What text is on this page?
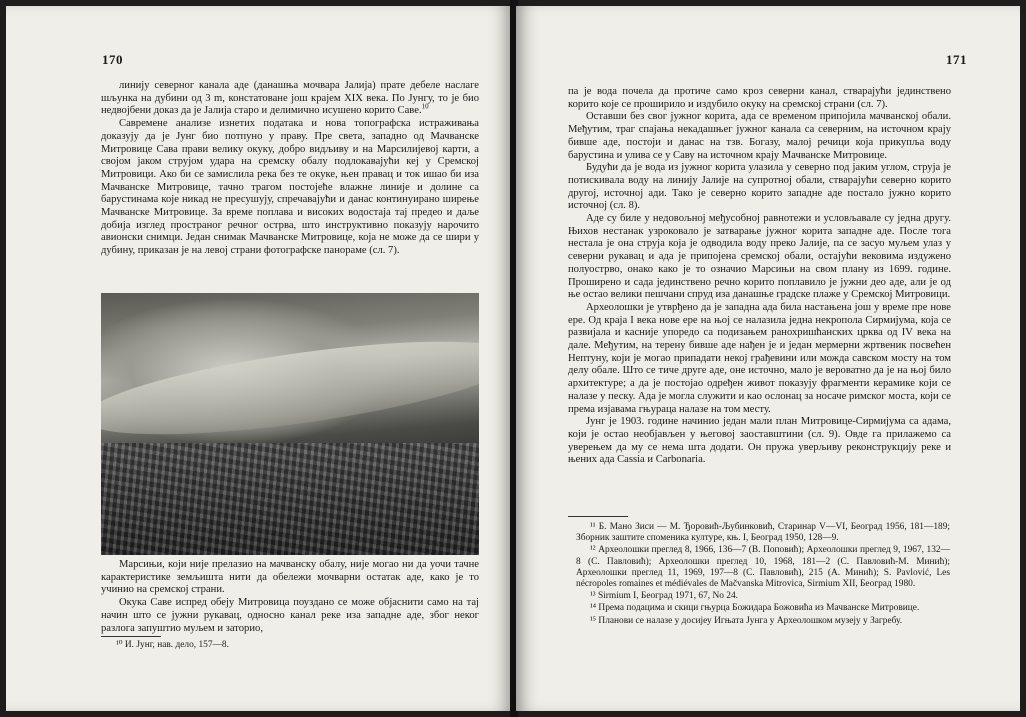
170

линију северног канала аде (данашња мочвара Јалија) прате дебеле наслаге шљунка на дубини од 3 m, констатоване још крајем XIX века. По Јунгу, то је био недвојбени доказ да је Јалија старо и делимично исушено корито Саве.$^{10}$

Савремене анализе изнетих података и нова топографска истраживања доказују да је Јунг био потпуно у праву. Пре света, западно од Мачванске Митровице Сава прави велику окуку, добро видљиву и на Марсилијевој карти, а својом јаком струјом удара на сремску обалу подлокавајући кеј у Сремској Митровици. Ако би се замислила река без те окуке, њен правац и ток ишао би иза Мачванске Митровице, тачно трагом постојеће влажне линије и долине са барустинама које никад не пресушују, спречавајући и данас континуирано ширење Мачванске Митровице. За време поплава и високих водостаја тај предео и даље добија изглед пространог речног острва, што инструктивно показују нарочито авионски снимци. Један снимак Мачванске Митровице, која не може да се шири у дубину, приказан је на левој страни фотографске панораме (сл. 7).

Марсињи, који није прелазио на мачванску обалу, није могао ни да уочи тачне карактеристике земљишта нити да обележи мочварни остатак аде, како је то учинио на сремској страни.

Окука Саве испред обеју Митровица поуздано се може објаснити само на тај начин што се јужни рукавац, односно канал реке иза западне аде, због неког разлога запуштио муљем и заторио,

¹⁰ И. Јунг, нав. дело, 157—8.
171

па је вода почела да протиче само кроз северни канал, стварајући јединствено корито које се проширило и издубило окуку на сремској страни (сл. 7).

Оставши без свог јужног корита, ада се временом припојила мачванској обали. Међутим, траг спајања некадашњег јужног канала са северним, на источном крају бивше аде, постоји и данас на тзв. Богазу, малој речици која прикупља воду барустина и улива се у Саву на источном крају Мачванске Митровице.

Будући да је вода из јужног корита улазила у северно под јаким углом, струја је потискивала воду на линију Јалије на супротној обали, стварајући северно корито другој, источној ади. Тако је северно корито западне аде постало јужно корито источној (сл. 8).

Аде су биле у недовољној међусобној равнотежи и условљавале су једна другу. Њихов нестанак узроковало је затварање јужног корита западне аде. После тога нестала је она струја која је одводила воду преко Јалије, па се засуо муљем улаз у северни рукавац и ада је припојена сремској обали, остајући вековима издужено полуострво, онако како је то означио Марсињи на свом плану из 1699. године. Проширено и сада јединствено речно корито поплавило је јужни део аде, али је од ње остао велики пешчани спруд иза данашње градске плаже у Сремској Митровици.

Археолошки је утврђено да је западна ада била настањена још у време пре нове ере. Од краја I века нове ере на њој се налазила једна некропола Сирмијума, која се развијала и касније упоредо са подизањем ранохришћанских црква од IV века на дале. Међутим, на терену бивше аде нађен је и један мермерни жртвеник посвећен Нептуну, који је могао припадати некој грађевини или можда савском мосту на том делу обале. Што се тиче друге аде, оне источно, мало је вероватно да је на њој било архитектуре; а да је постојао одређен живот показују фрагменти керамике који се налазе у песку. Ада је могла служити и као ослонац за носаче римског моста, који се према изјавама гњураца налазе на том месту.

Јунг је 1903. године начинио један мали план Митровице-Сирмијума са адама, који је остао необјављен у његовој заоставштини (сл. 9). Овде га прилажемо са уверењем да му се нема шта додати. Он пружа уверљиву реконструкцију реке и њених ада Cassia и Carbonaria.

¹¹ Б. Мано Зиси — М. Ђоровић-Љубинковић, Старинар V—VI, Београд 1956, 181—189; Зборник заштите споменика културе, књ. I, Београд 1950, 128—9.

¹² Археолошки преглед 8, 1966, 136—7 (В. Поповић); Археолошки преглед 9, 1967, 132—8 (С. Павловић); Археолошки преглед 10, 1968, 181—2 (С. Павловић-М. Минић); Археолошки преглед 11, 1969, 197—8 (С. Павловић), 215 (А. Минић); S. Pavlović, Les nécropoles romaines et médiévales de Mačvanska Mitrovica, Sirmium XII, Београд 1980.

¹³ Sirmium I, Београд 1971, 67, No 24.

¹⁴ Према подацима и скици гњурца Божидара Божовића из Мачванске Митровице.

¹⁵ Планови се налазе у досијеу Игњата Јунга у Археолошком музеју у Загребу.
